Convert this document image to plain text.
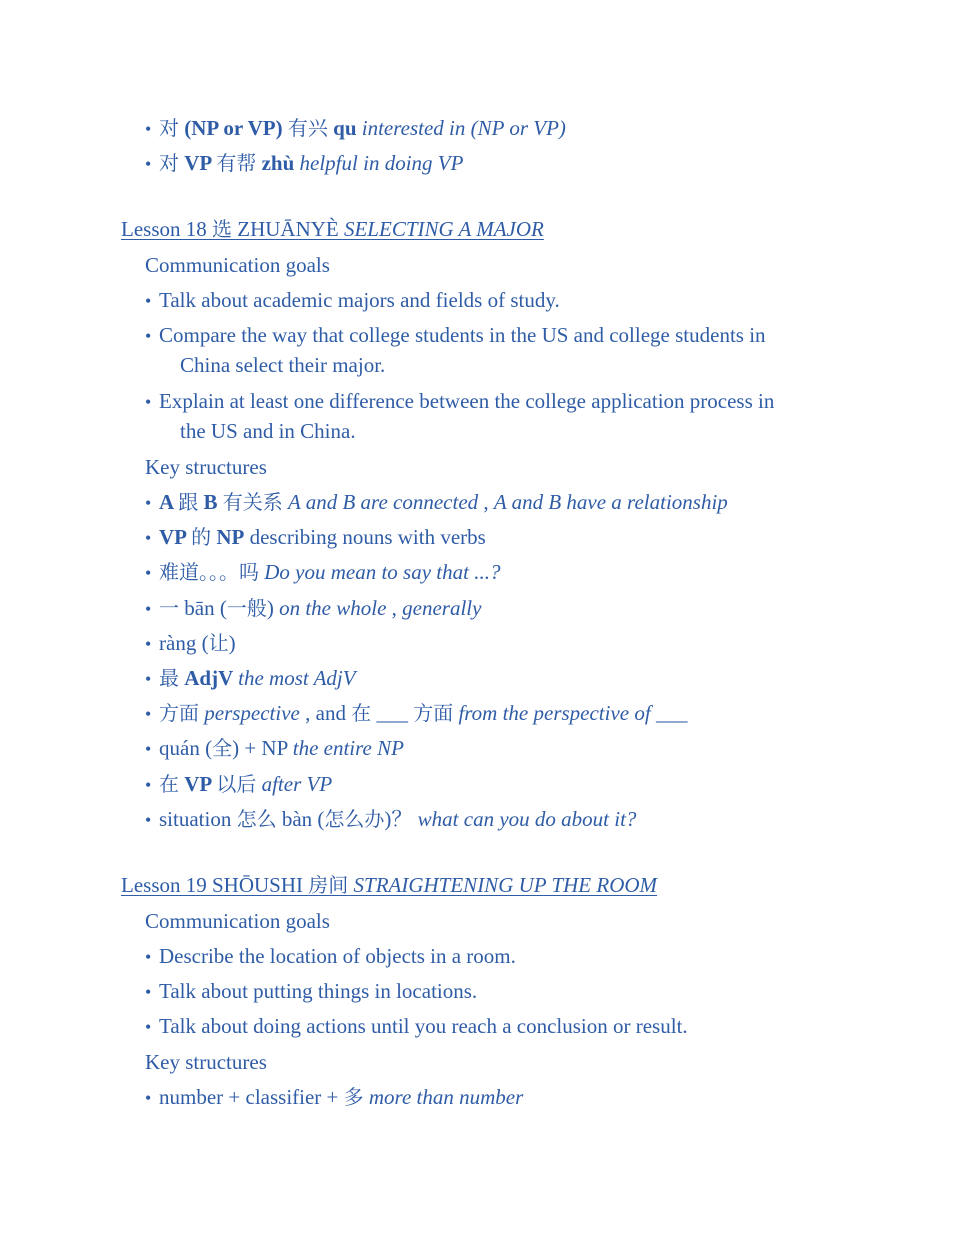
• 对 (NP or VP) 有兴 qu interested in (NP or VP)
• 对 VP 有帮 zhù helpful in doing VP
Lesson 18 选 ZHUĀNYÈ SELECTING A MAJOR
Communication goals
• Talk about academic majors and fields of study.
• Compare the way that college students in the US and college students in
China select their major.
• Explain at least one difference between the college application process in
the US and in China.
Key structures
• A 跟 B 有关系 A and B are connected , A and B have a relationship
• VP 的 NP describing nouns with verbs
• 难道。。。吗 Do you mean to say that ...?
• 一 bān (一般) on the whole , generally
• ràng (让)
• 最 AdjV the most AdjV
• 方面 perspective , and 在 ___ 方面 from the perspective of ___
• quán (全) + NP the entire NP
• 在 VP 以后 after VP
• situation 怎么 bàn (怎么办)？ what can you do about it?
Lesson 19 SHŌUSHI 房间 STRAIGHTENING UP THE ROOM
Communication goals
• Describe the location of objects in a room.
• Talk about putting things in locations.
• Talk about doing actions until you reach a conclusion or result.
Key structures
• number + classifier + 多 more than number
